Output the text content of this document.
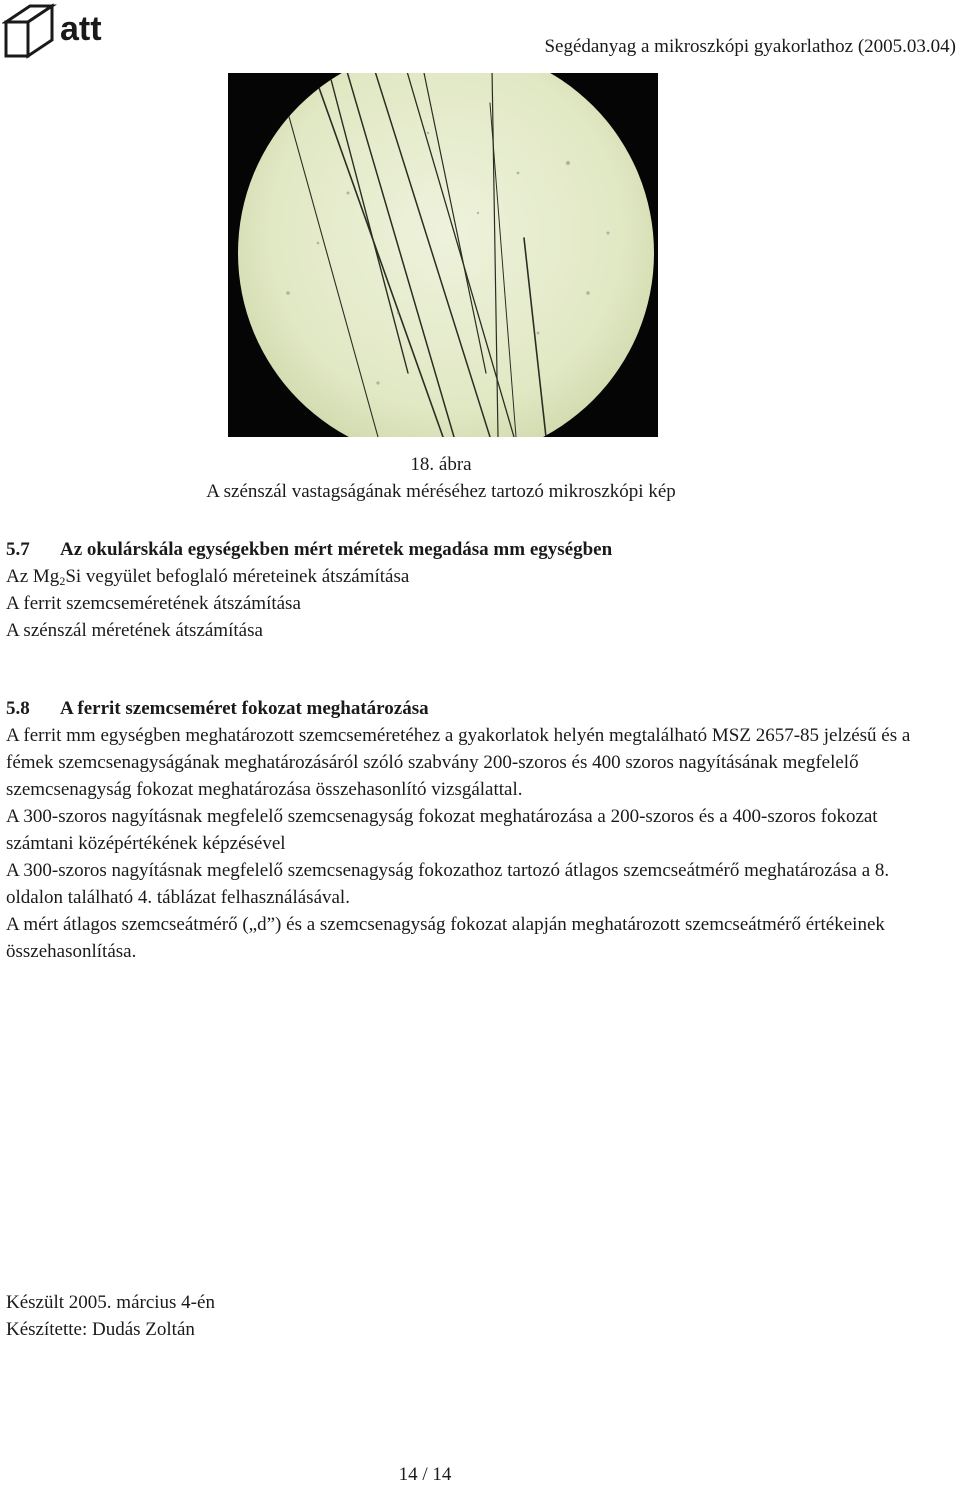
att	Segédanyag a mikroszkópi gyakorlathoz (2005.03.04)
18. ábra
A szénszál vastagságának méréséhez tartozó mikroszkópi kép

5.7 Az okulárskála egységekben mért méretek megadása mm egységben

Az $Mg_2Si$ vegyület befoglaló méreteinek átszámítása

A ferrit szemcseméretének átszámítása

A szénszál méretének átszámítása

5.8 A ferrit szemcseméret fokozat meghatározása

A ferrit mm egységben meghatározott szemcseméretéhez a gyakorlatok helyén megtalálható MSZ 2657-85 jelzésű és a fémek szemcsenagyságának meghatározásáról szóló szabvány 200-szoros és 400 szoros nagyításának megfelelő szemcsenagyság fokozat meghatározása összehasonlító vizsgálattal.

A 300-szoros nagyításnak megfelelő szemcsenagyság fokozat meghatározása a 200-szoros és a 400-szoros fokozat számtani középértékének képzésével

A 300-szoros nagyításnak megfelelő szemcsenagyság fokozathoz tartozó átlagos szemcseátmérő meghatározása a 8. oldalon található 4. táblázat felhasználásával.

A mért átlagos szemcseátmérő („d”) és a szemcsenagyság fokozat alapján meghatározott szemcseátmérő értékeinek összehasonlítása.

Készült 2005. március 4-én
Készítette: Dudás Zoltán
14 / 14
